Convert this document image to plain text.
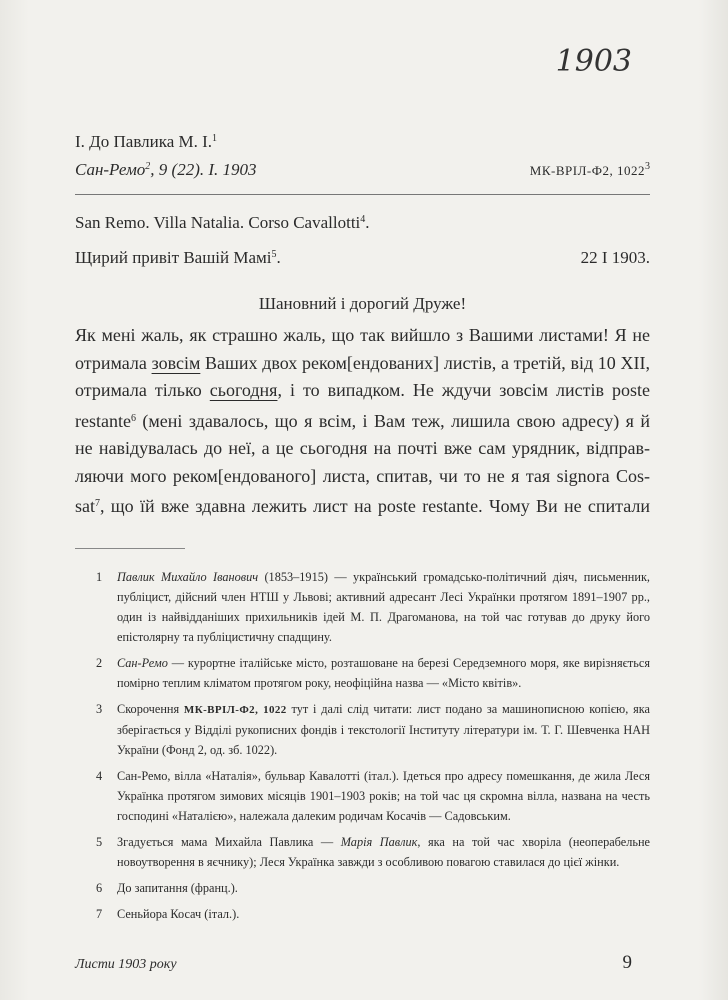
1903
І. До Павлика М. І.$^1$
Сан-Ремо$^2$, 9 (22). І. 1903	МК-ВРІЛ-Ф2, 1022$^3$
San Remo. Villa Natalia. Corso Cavallotti$^4$.
Щирий привіт Вашій Мамі$^5$.	22 І 1903.
Шановний і дорогий Друже!
Як мені жаль, як страшно жаль, що так вийшло з Вашими листами! Я не
отримала зовсім Ваших двох реком[ендованих] листів, а третій, від 10 XII,
отримала тілько сьогодня, і то випадком. Не ждучи зовсім листів poste
restante$^6$ (мені здавалось, що я всім, і Вам теж, лишила свою адресу) я й
не навідувалась до неї, а це сьогодня на почті вже сам урядник, відправ-
ляючи мого реком[ендованого] листа, спитав, чи то не я тая signora Cos-
sat$^7$, що їй вже здавна лежить лист на poste restante. Чому Ви не спитали
1	Павлик Михайло Іванович (1853–1915) — український громадсько-політичний діяч, письменник, публіцист, дійсний член НТШ у Львові; активний адресант Лесі Українки протягом 1891–1907 рр., один із найвідданіших прихильників ідей М. П. Драгоманова, на той час готував до друку його епістолярну та публіцистичну спадщину.
2	Сан-Ремо — курортне італійське місто, розташоване на березі Середземного моря, яке вирізняється помірно теплим кліматом протягом року, неофіційна назва — «Місто квітів».
3	Скорочення МК-ВРІЛ-Ф2, 1022 тут і далі слід читати: лист подано за машинописною копією, яка зберігається у Відділі рукописних фондів і текстології Інституту літератури ім. Т. Г. Шевченка НАН України (Фонд 2, од. зб. 1022).
4	Сан-Ремо, вілла «Наталія», бульвар Кавалотті (італ.). Ідеться про адресу помешкання, де жила Леся Українка протягом зимових місяців 1901–1903 років; на той час ця скромна вілла, названа на честь господині «Наталією», належала далеким родичам Косачів — Садовським.
5	Згадується мама Михайла Павлика — Марія Павлик, яка на той час хворіла (неоперабельне новоутворення в яєчнику); Леся Українка завжди з особливою повагою ставилася до цієї жінки.
6	До запитання (франц.).
7	Сеньйора Косач (італ.).
Листи 1903 року	9
